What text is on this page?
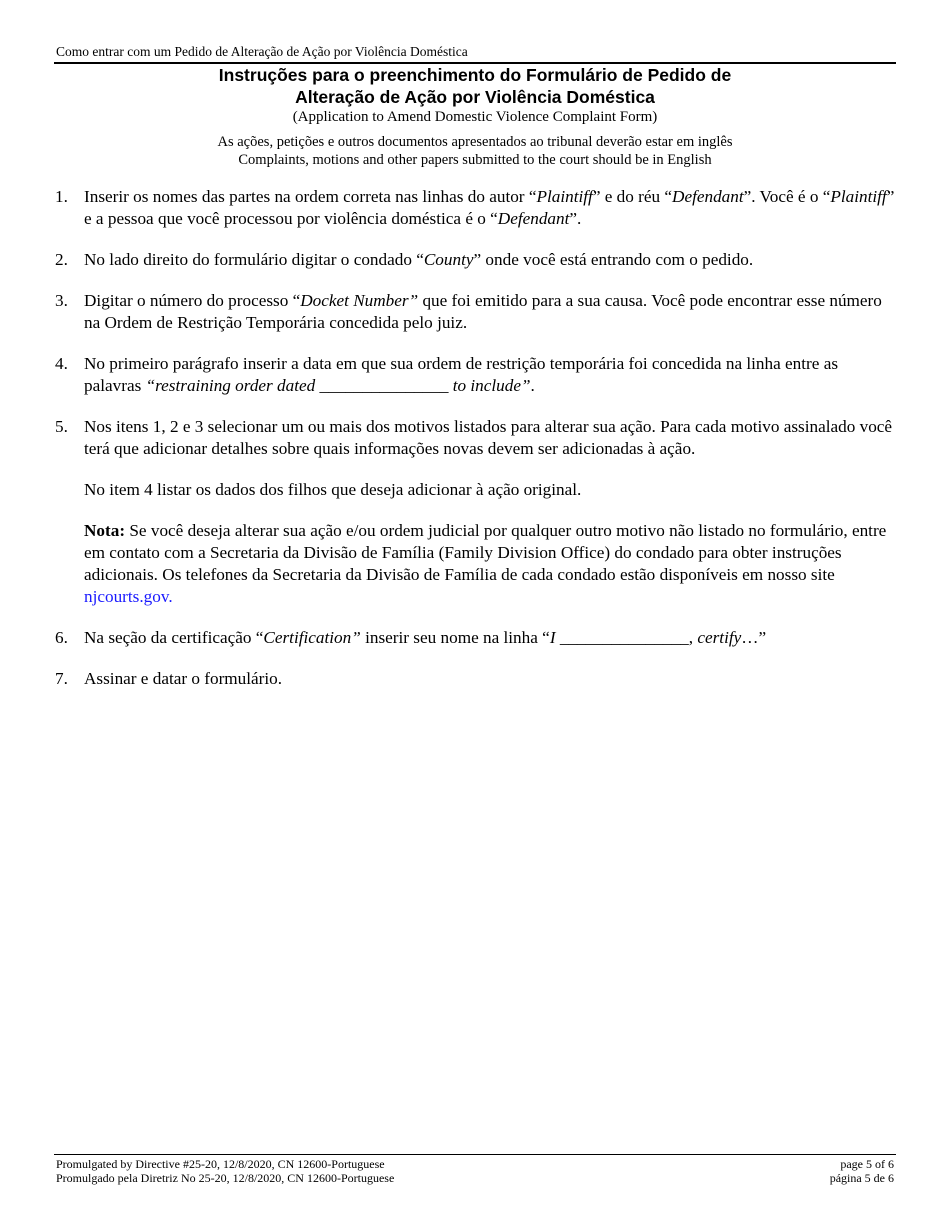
Como entrar com um Pedido de Alteração de Ação por Violência Doméstica

Instruções para o preenchimento do Formulário de Pedido de

Alteração de Ação por Violência Doméstica

(Application to Amend Domestic Violence Complaint Form)
As ações, petições e outros documentos apresentados ao tribunal deverão estar em inglês
Complaints, motions and other papers submitted to the court should be in English
1. Inserir os nomes das partes na ordem correta nas linhas do autor “Plaintiff” e do réu “Defendant”. Você é o “Plaintiff” e a pessoa que você processou por violência doméstica é o “Defendant”.
2. No lado direito do formulário digitar o condado “County” onde você está entrando com o pedido.
3. Digitar o número do processo “Docket Number” que foi emitido para a sua causa. Você pode encontrar esse número na Ordem de Restrição Temporária concedida pelo juiz.
4. No primeiro parágrafo inserir a data em que sua ordem de restrição temporária foi concedida na linha entre as palavras “restraining order dated _______________ to include”.
5. Nos itens 1, 2 e 3 selecionar um ou mais dos motivos listados para alterar sua ação. Para cada motivo assinalado você terá que adicionar detalhes sobre quais informações novas devem ser adicionadas à ação.

No item 4 listar os dados dos filhos que deseja adicionar à ação original.

Nota: Se você deseja alterar sua ação e/ou ordem judicial por qualquer outro motivo não listado no formulário, entre em contato com a Secretaria da Divisão de Família (Family Division Office) do condado para obter instruções adicionais. Os telefones da Secretaria da Divisão de Família de cada condado estão disponíveis em nosso site njcourts.gov.

6. Na seção da certificação “Certification” inserir seu nome na linha “I _______________, certify…”
7. Assinar e datar o formulário.
Promulgated by Directive #25-20, 12/8/2020, CN 12600-Portuguese
Promulgado pela Diretriz No 25-20, 12/8/2020, CN 12600-Portuguese
page 5 of 6
página 5 de 6
